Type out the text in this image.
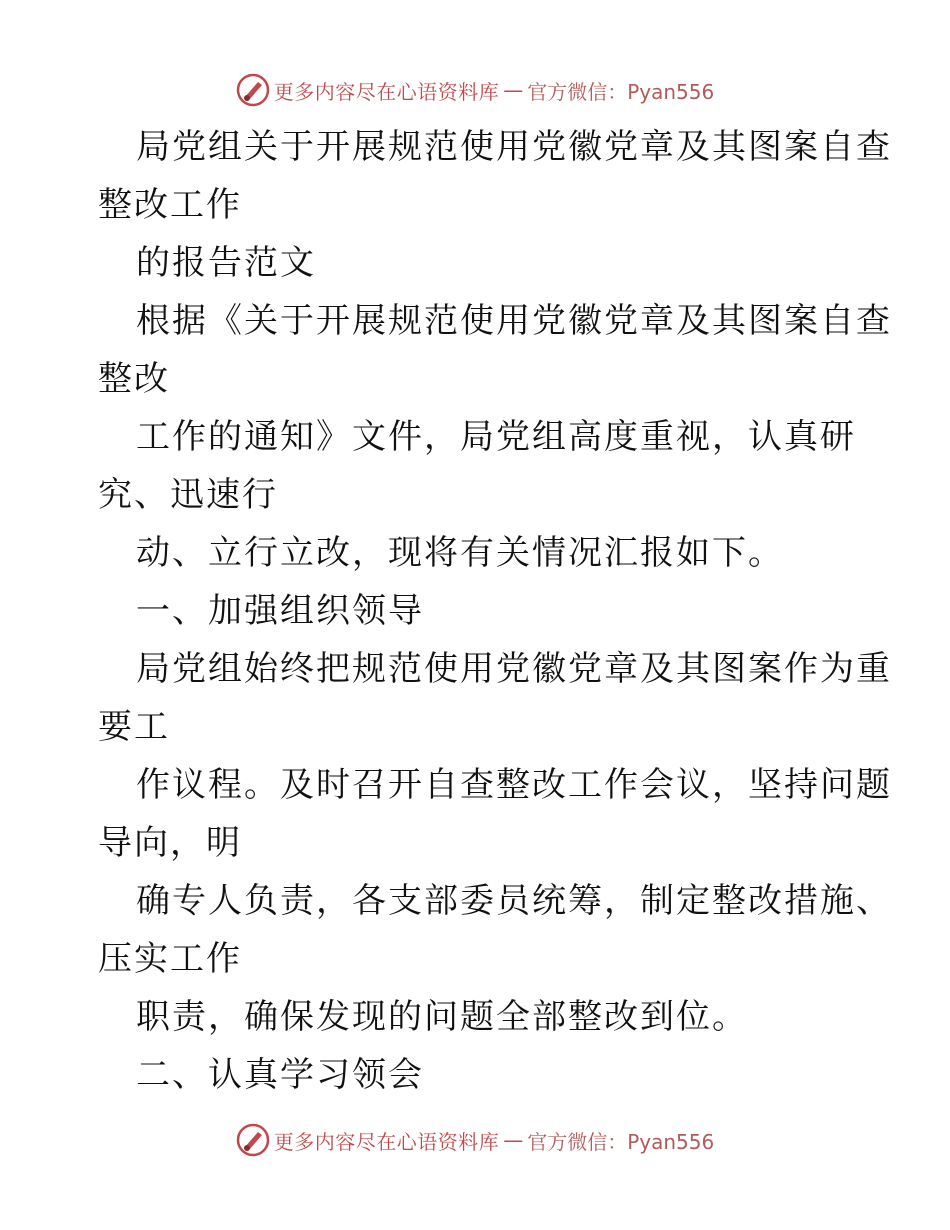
更多内容尽在心语资料库 — 官方微信：Pyan556
局党组关于开展规范使用党徽党章及其图案自查
整改工作
的报告范文
根据《关于开展规范使用党徽党章及其图案自查
整改
工作的通知》文件，局党组高度重视，认真研
究、迅速行
动、立行立改，现将有关情况汇报如下。
一、加强组织领导
局党组始终把规范使用党徽党章及其图案作为重
要工
作议程。及时召开自查整改工作会议，坚持问题
导向，明
确专人负责，各支部委员统筹，制定整改措施、
压实工作
职责，确保发现的问题全部整改到位。
二、认真学习领会
更多内容尽在心语资料库 — 官方微信：Pyan556
